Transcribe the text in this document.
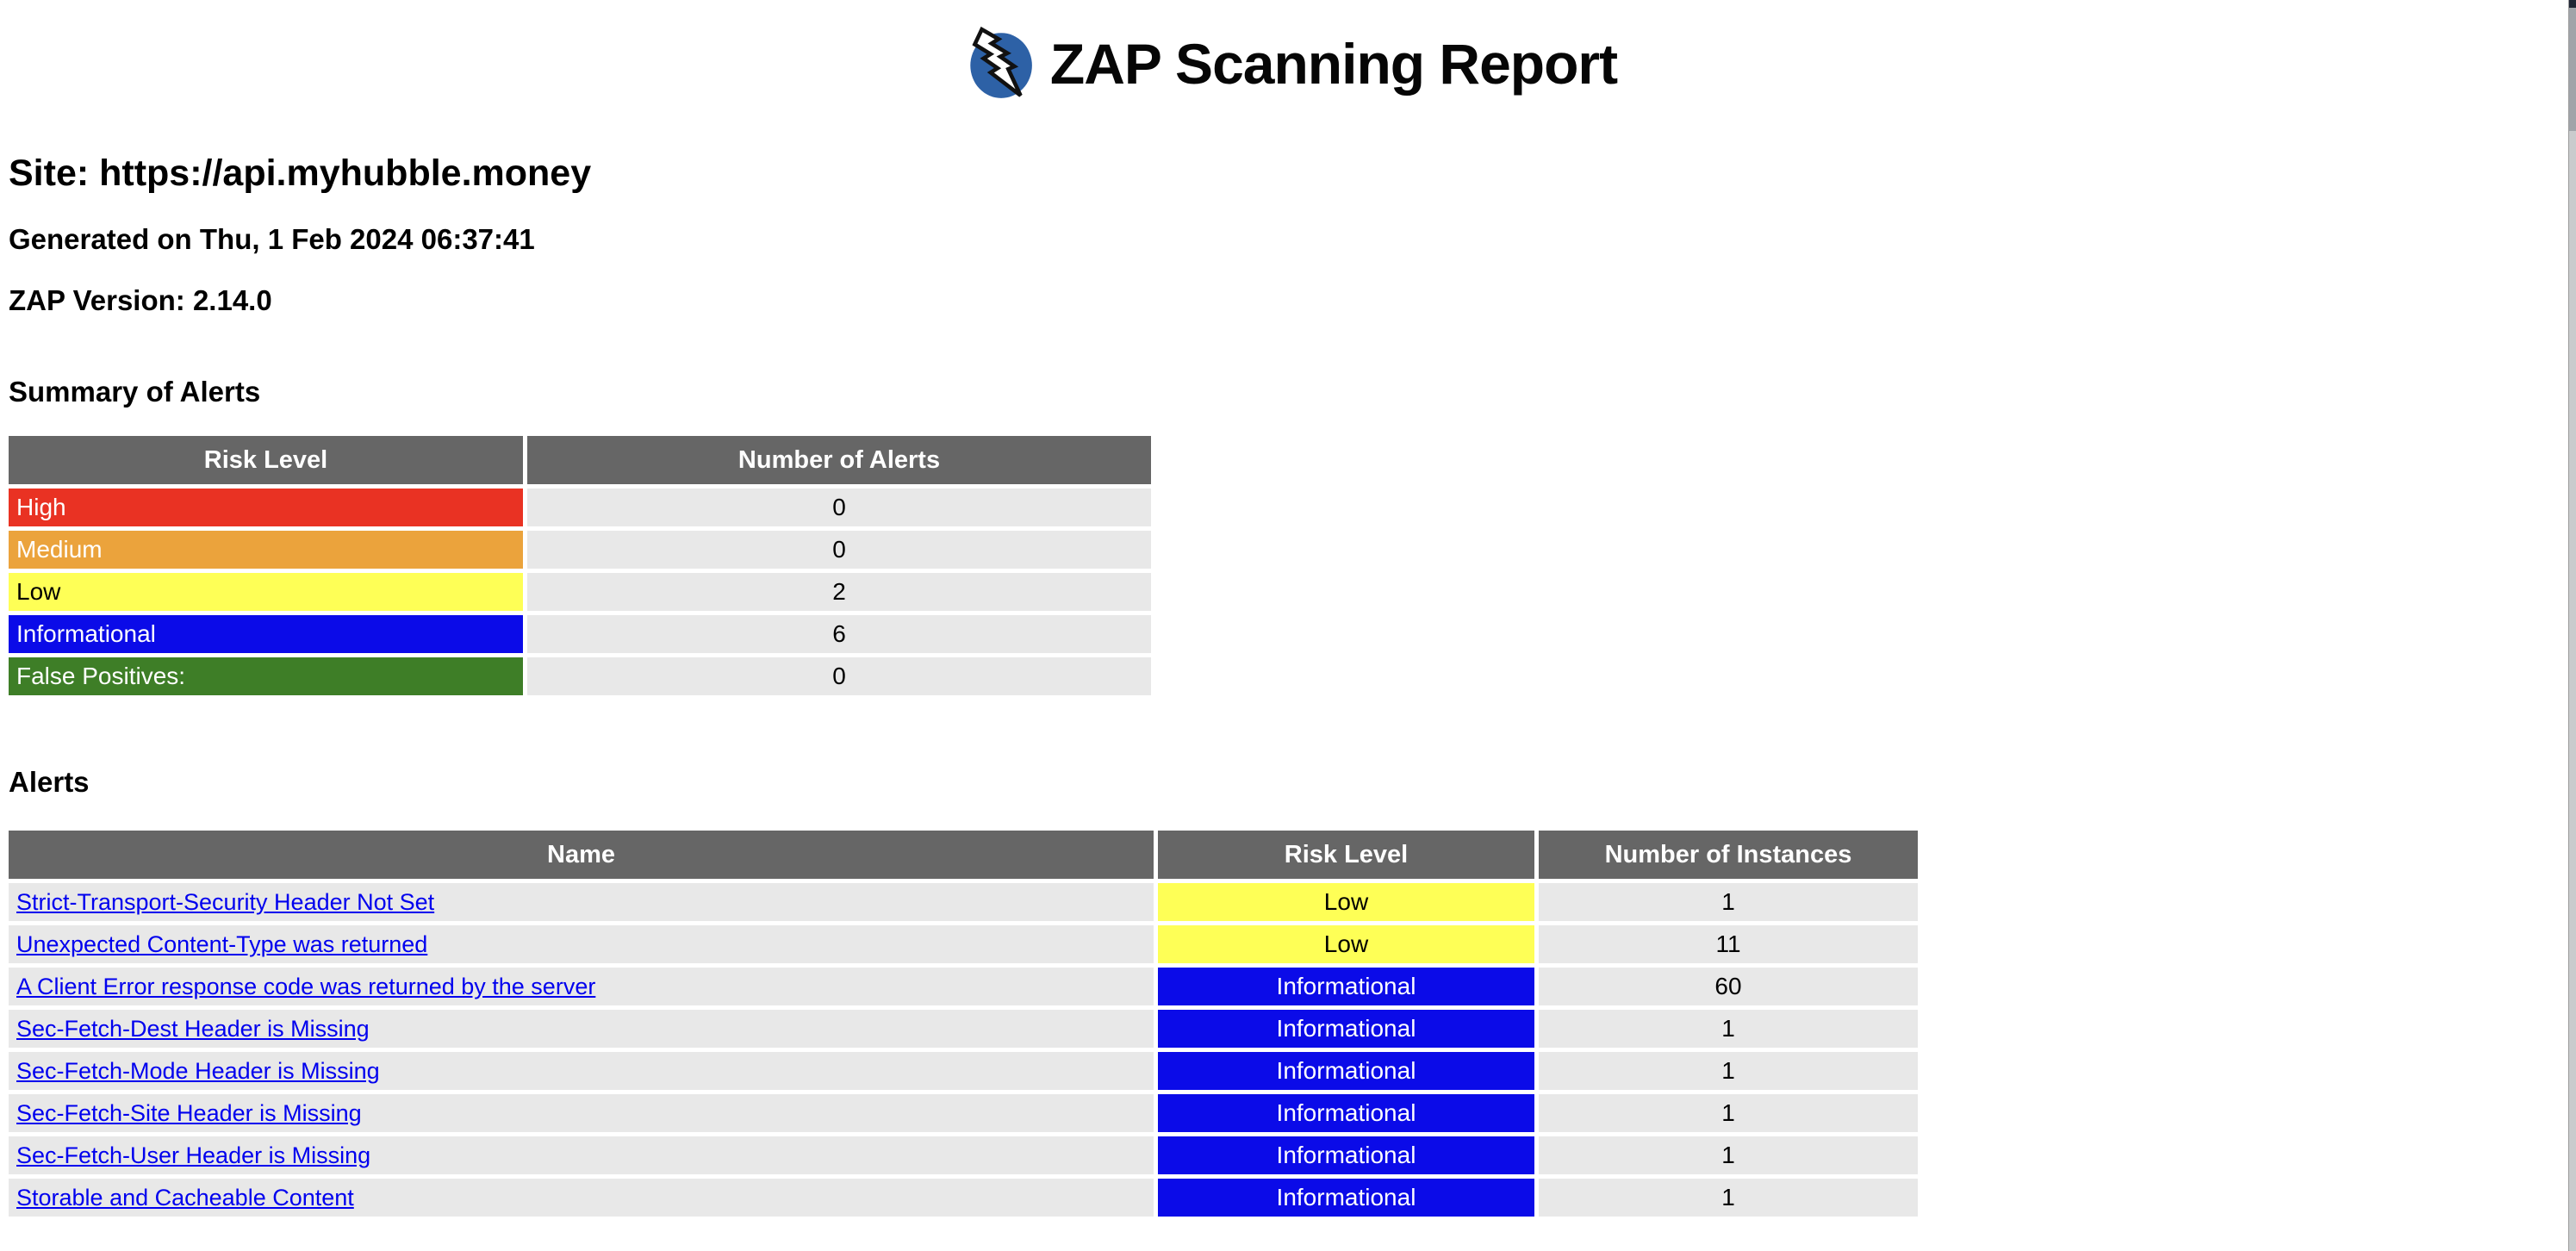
ZAP Scanning Report
Site: https://api.myhubble.money
Generated on Thu, 1 Feb 2024 06:37:41
ZAP Version: 2.14.0
Summary of Alerts
Risk Level	Number of Alerts
High	0
Medium	0
Low	2
Informational	6
False Positives:	0
Alerts
Name	Risk Level	Number of Instances
Strict-Transport-Security Header Not Set	Low	1
Unexpected Content-Type was returned	Low	11
A Client Error response code was returned by the server	Informational	60
Sec-Fetch-Dest Header is Missing	Informational	1
Sec-Fetch-Mode Header is Missing	Informational	1
Sec-Fetch-Site Header is Missing	Informational	1
Sec-Fetch-User Header is Missing	Informational	1
Storable and Cacheable Content	Informational	1
